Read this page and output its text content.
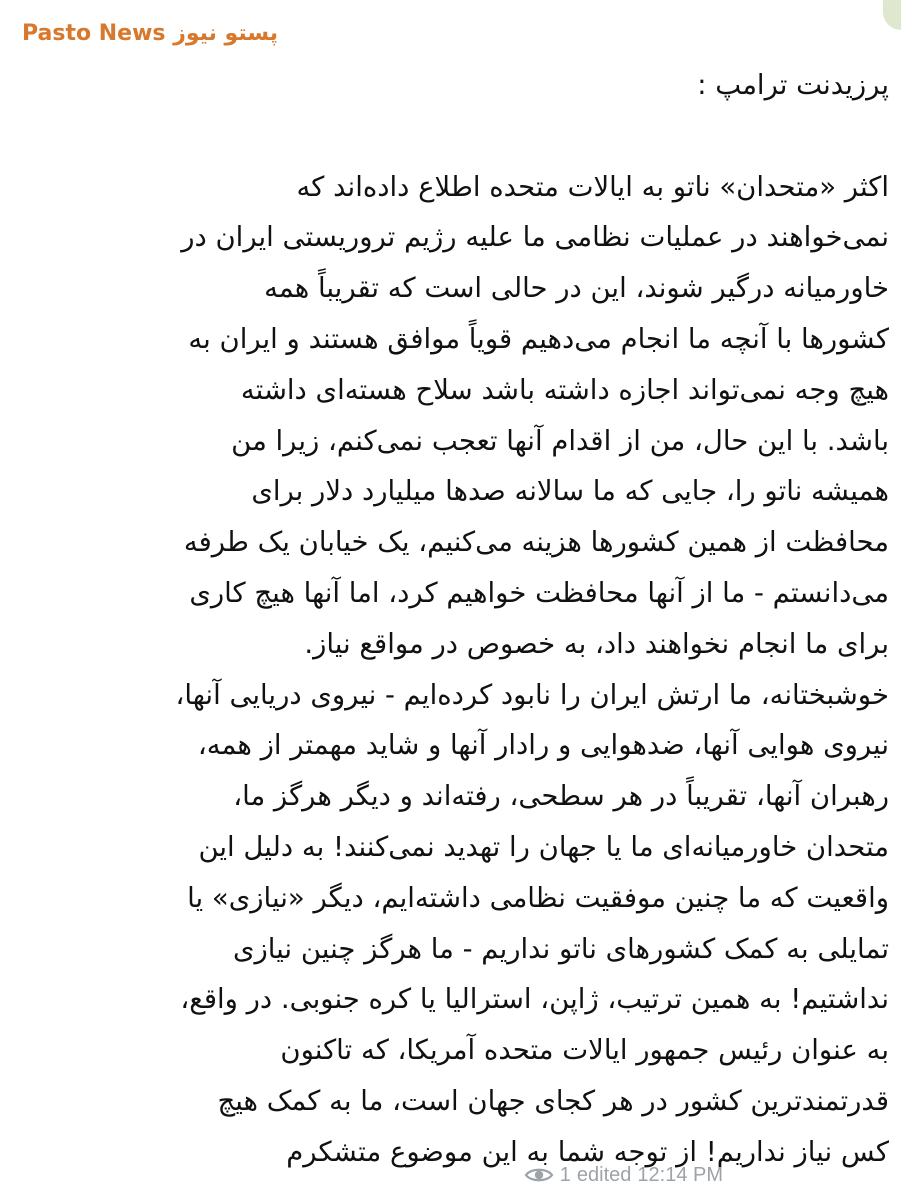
Pasto News پستو نیوز
پرزیدنت ترامپ :
اکثر «متحدان» ناتو به ایالات متحده اطلاع داده‌اند که
نمی‌خواهند در عملیات نظامی ما علیه رژیم تروریستی ایران در
خاورمیانه درگیر شوند، این در حالی است که تقریباً همه
کشورها با آنچه ما انجام می‌دهیم قویاً موافق هستند و ایران به
هیچ وجه نمی‌تواند اجازه داشته باشد سلاح هسته‌ای داشته
باشد. با این حال، من از اقدام آنها تعجب نمی‌کنم، زیرا من
همیشه ناتو را، جایی که ما سالانه صدها میلیارد دلار برای
محافظت از همین کشورها هزینه می‌کنیم، یک خیابان یک طرفه
می‌دانستم - ما از آنها محافظت خواهیم کرد، اما آنها هیچ کاری
برای ما انجام نخواهند داد، به خصوص در مواقع نیاز.
خوشبختانه، ما ارتش ایران را نابود کرده‌ایم - نیروی دریایی آنها،
نیروی هوایی آنها، ضدهوایی و رادار آنها و شاید مهمتر از همه،
رهبران آنها، تقریباً در هر سطحی، رفته‌اند و دیگر هرگز ما،
متحدان خاورمیانه‌ای ما یا جهان را تهدید نمی‌کنند! به دلیل این
واقعیت که ما چنین موفقیت نظامی داشته‌ایم، دیگر «نیازی» یا
تمایلی به کمک کشورهای ناتو نداریم - ما هرگز چنین نیازی
نداشتیم! به همین ترتیب، ژاپن، استرالیا یا کره جنوبی. در واقع،
به عنوان رئیس جمهور ایالات متحده آمریکا، که تاکنون
قدرتمندترین کشور در هر کجای جهان است، ما به کمک هیچ
کس نیاز نداریم! از توجه شما به این موضوع متشکرم
1 edited 12:14 PM
